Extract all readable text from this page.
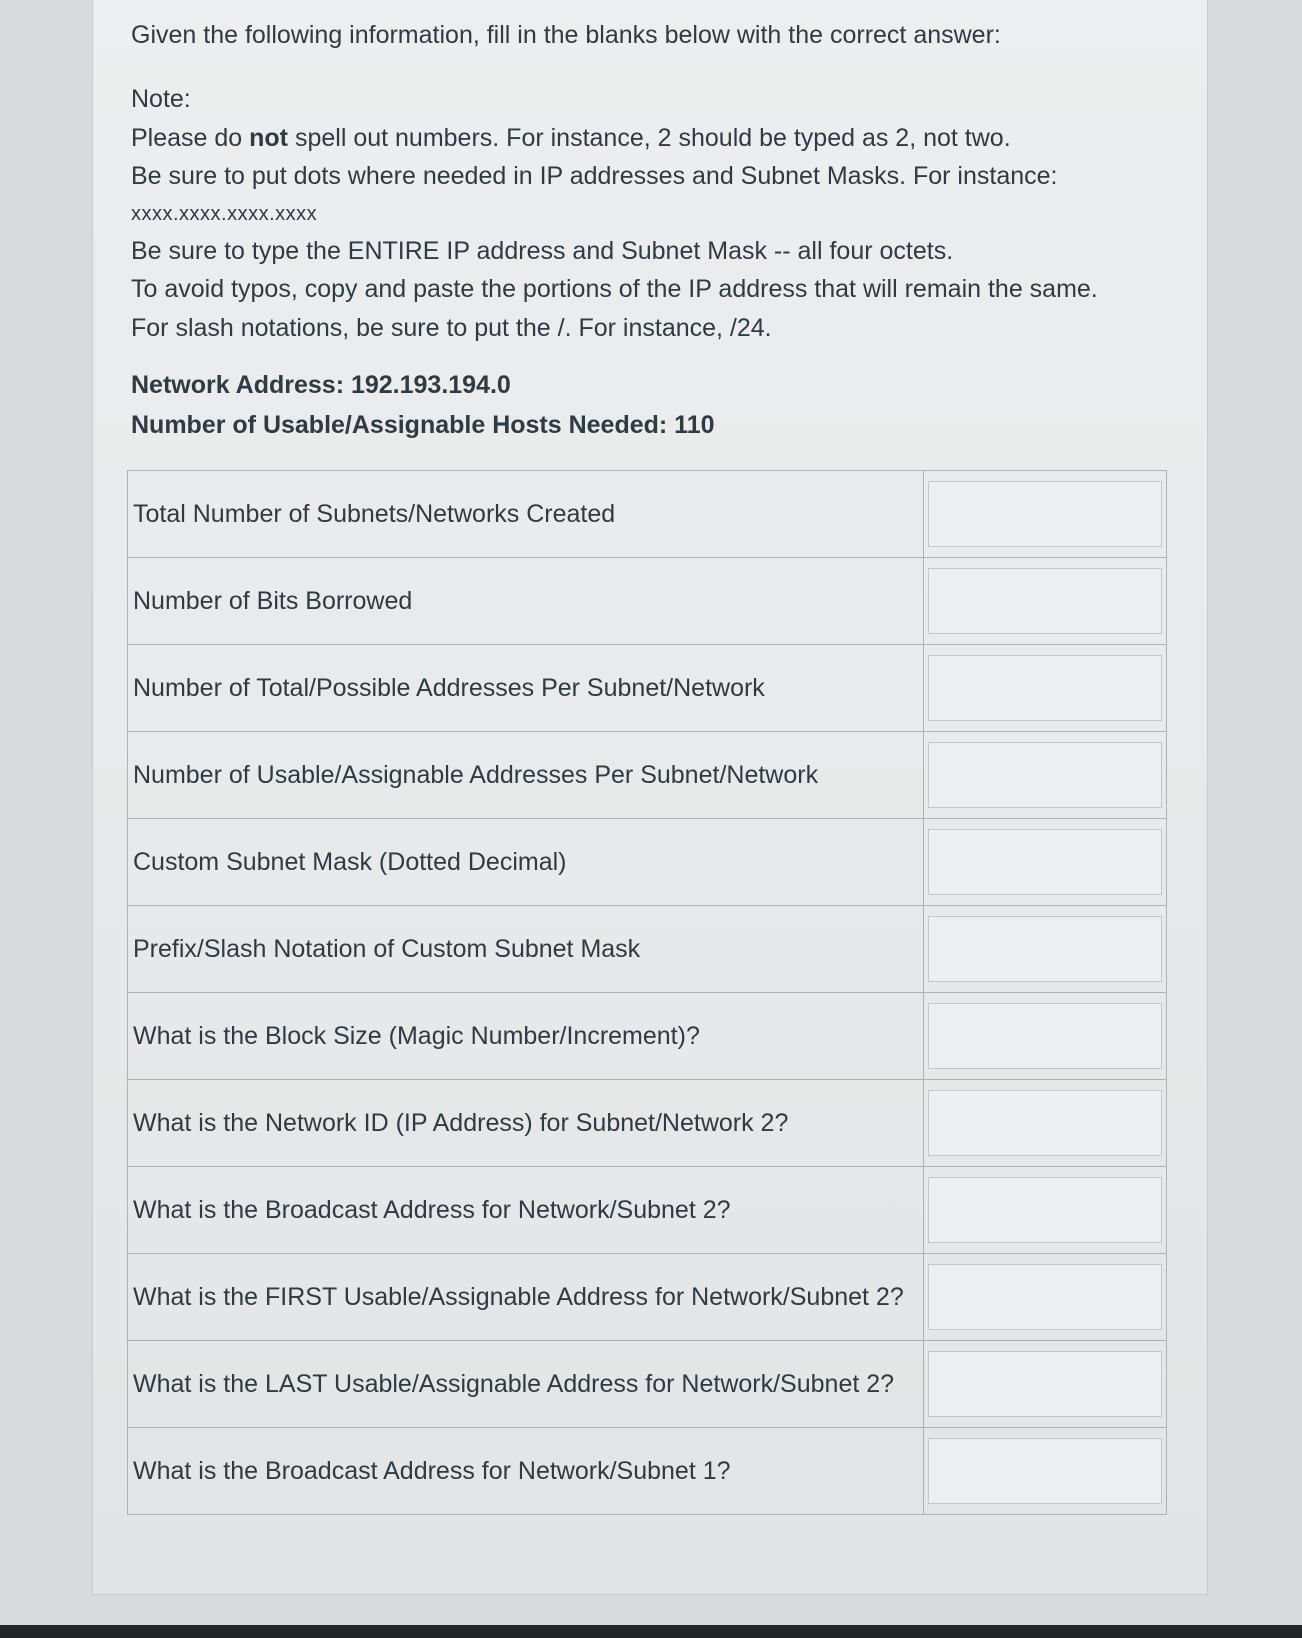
Given the following information, fill in the blanks below with the correct answer:

Note:

Please do not spell out numbers. For instance, 2 should be typed as 2, not two.

Be sure to put dots where needed in IP addresses and Subnet Masks. For instance:

xxxx.xxxx.xxxx.xxxx

Be sure to type the ENTIRE IP address and Subnet Mask -- all four octets.

To avoid typos, copy and paste the portions of the IP address that will remain the same.

For slash notations, be sure to put the /. For instance, /24.

Network Address: 192.193.194.0

Number of Usable/Assignable Hosts Needed: 110

Total Number of Subnets/Networks Created	

Number of Bits Borrowed	

Number of Total/Possible Addresses Per Subnet/Network	

Number of Usable/Assignable Addresses Per Subnet/Network	

Custom Subnet Mask (Dotted Decimal)	

Prefix/Slash Notation of Custom Subnet Mask	

What is the Block Size (Magic Number/Increment)?	

What is the Network ID (IP Address) for Subnet/Network 2?	

What is the Broadcast Address for Network/Subnet 2?	

What is the FIRST Usable/Assignable Address for Network/Subnet 2?	

What is the LAST Usable/Assignable Address for Network/Subnet 2?	

What is the Broadcast Address for Network/Subnet 1?	
